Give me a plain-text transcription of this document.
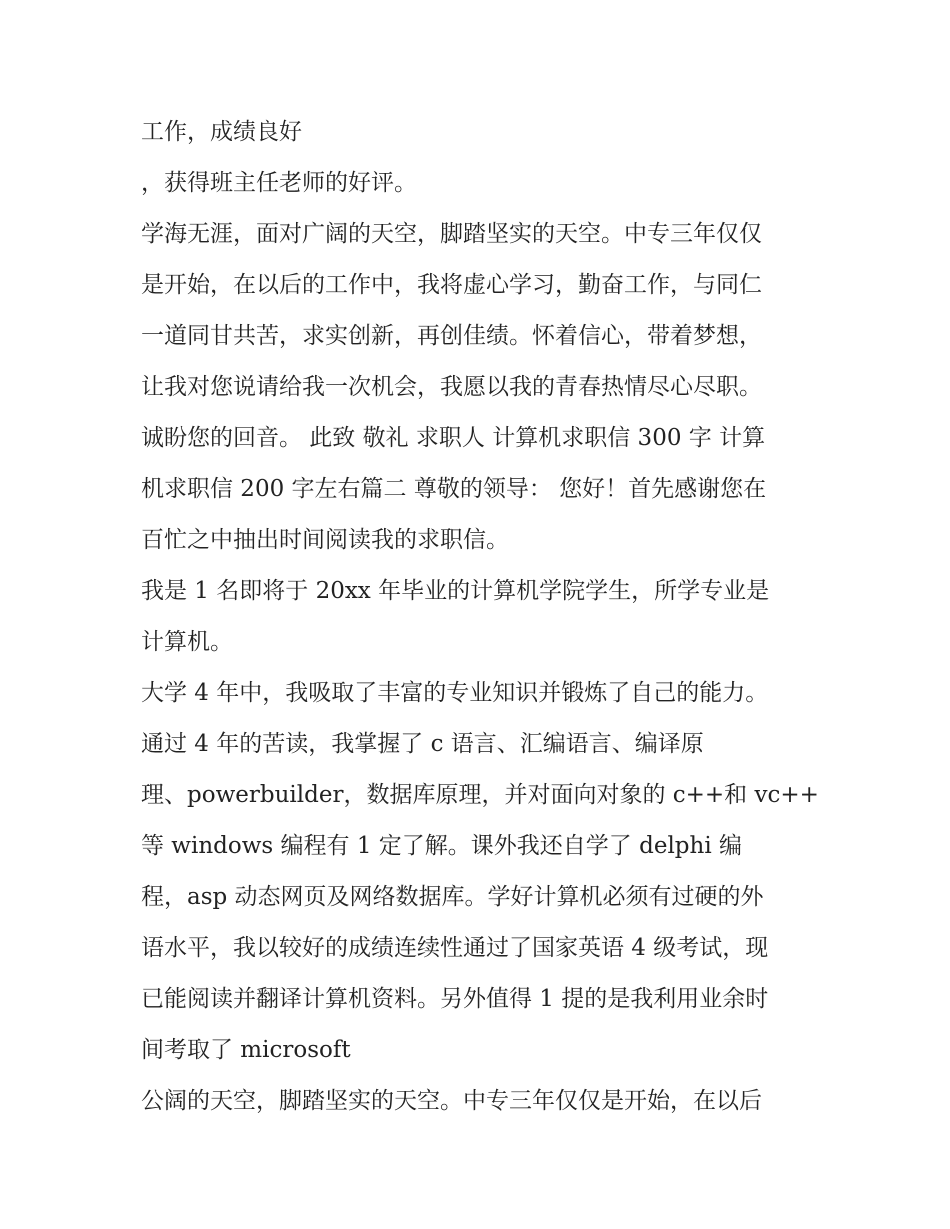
工作，成绩良好

，获得班主任老师的好评。

学海无涯，面对广阔的天空，脚踏坚实的天空。中专三年仅仅

是开始，在以后的工作中，我将虚心学习，勤奋工作，与同仁

一道同甘共苦，求实创新，再创佳绩。怀着信心，带着梦想，

让我对您说请给我一次机会，我愿以我的青春热情尽心尽职。

诚盼您的回音。 此致 敬礼 求职人 计算机求职信 300 字 计算

机求职信 200 字左右篇二 尊敬的领导： 您好！首先感谢您在

百忙之中抽出时间阅读我的求职信。

我是 1 名即将于 20xx 年毕业的计算机学院学生，所学专业是

计算机。

大学 4 年中，我吸取了丰富的专业知识并锻炼了自己的能力。

通过 4 年的苦读，我掌握了 c 语言、汇编语言、编译原

理、powerbuilder，数据库原理，并对面向对象的 c++和 vc++

等 windows 编程有 1 定了解。课外我还自学了 delphi 编

程，asp 动态网页及网络数据库。学好计算机必须有过硬的外

语水平，我以较好的成绩连续性通过了国家英语 4 级考试，现

已能阅读并翻译计算机资料。另外值得 1 提的是我利用业余时

间考取了 microsoft

公阔的天空，脚踏坚实的天空。中专三年仅仅是开始，在以后
